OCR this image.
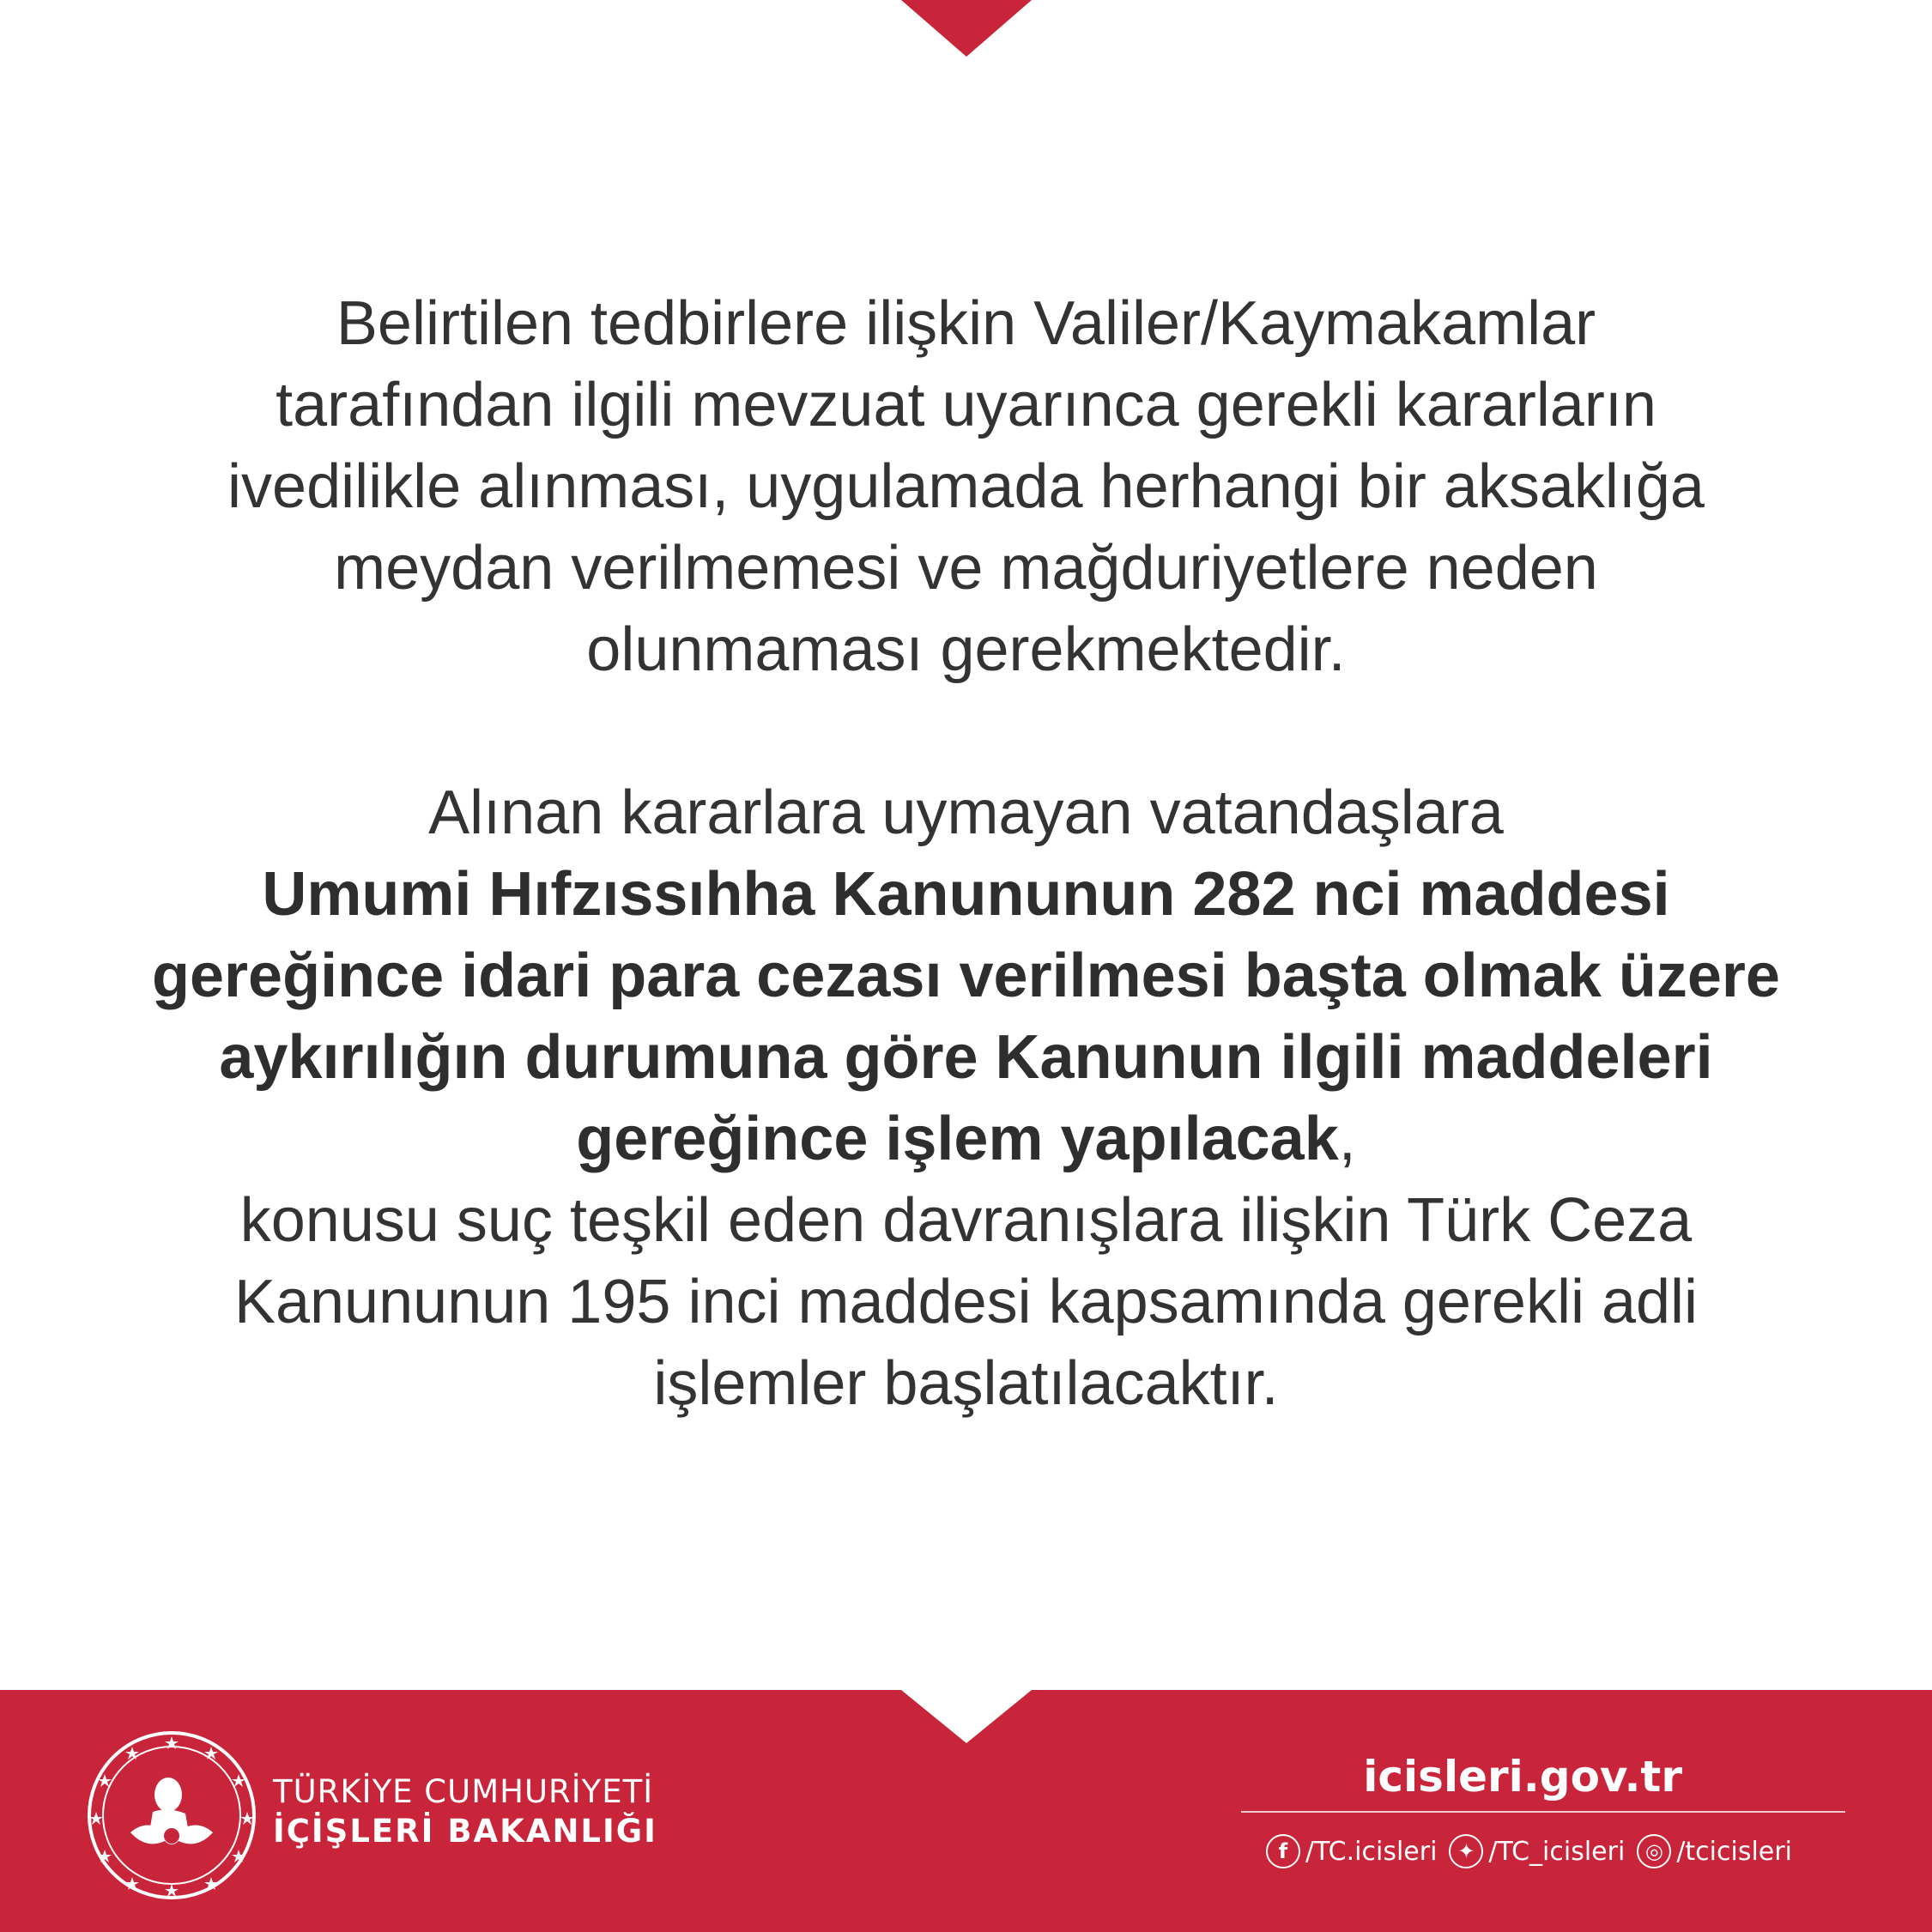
Belirtilen tedbirlere ilişkin Valiler/Kaymakamlar
tarafından ilgili mevzuat uyarınca gerekli kararların
ivedilikle alınması, uygulamada herhangi bir aksaklığa
meydan verilmemesi ve mağduriyetlere neden
olunmaması gerekmektedir.
Alınan kararlara uymayan vatandaşlara
Umumi Hıfzıssıhha Kanununun 282 nci maddesi
gereğince idari para cezası verilmesi başta olmak üzere
aykırılığın durumuna göre Kanunun ilgili maddeleri
gereğince işlem yapılacak,
konusu suç teşkil eden davranışlara ilişkin Türk Ceza
Kanununun 195 inci maddesi kapsamında gerekli adli
işlemler başlatılacaktır.
TÜRKİYE CUMHURİYETİ
İÇİŞLERİ BAKANLIĞI
icisleri.gov.tr
f /TC.icisleri ✦ /TC_icisleri ◎ /tcicisleri
